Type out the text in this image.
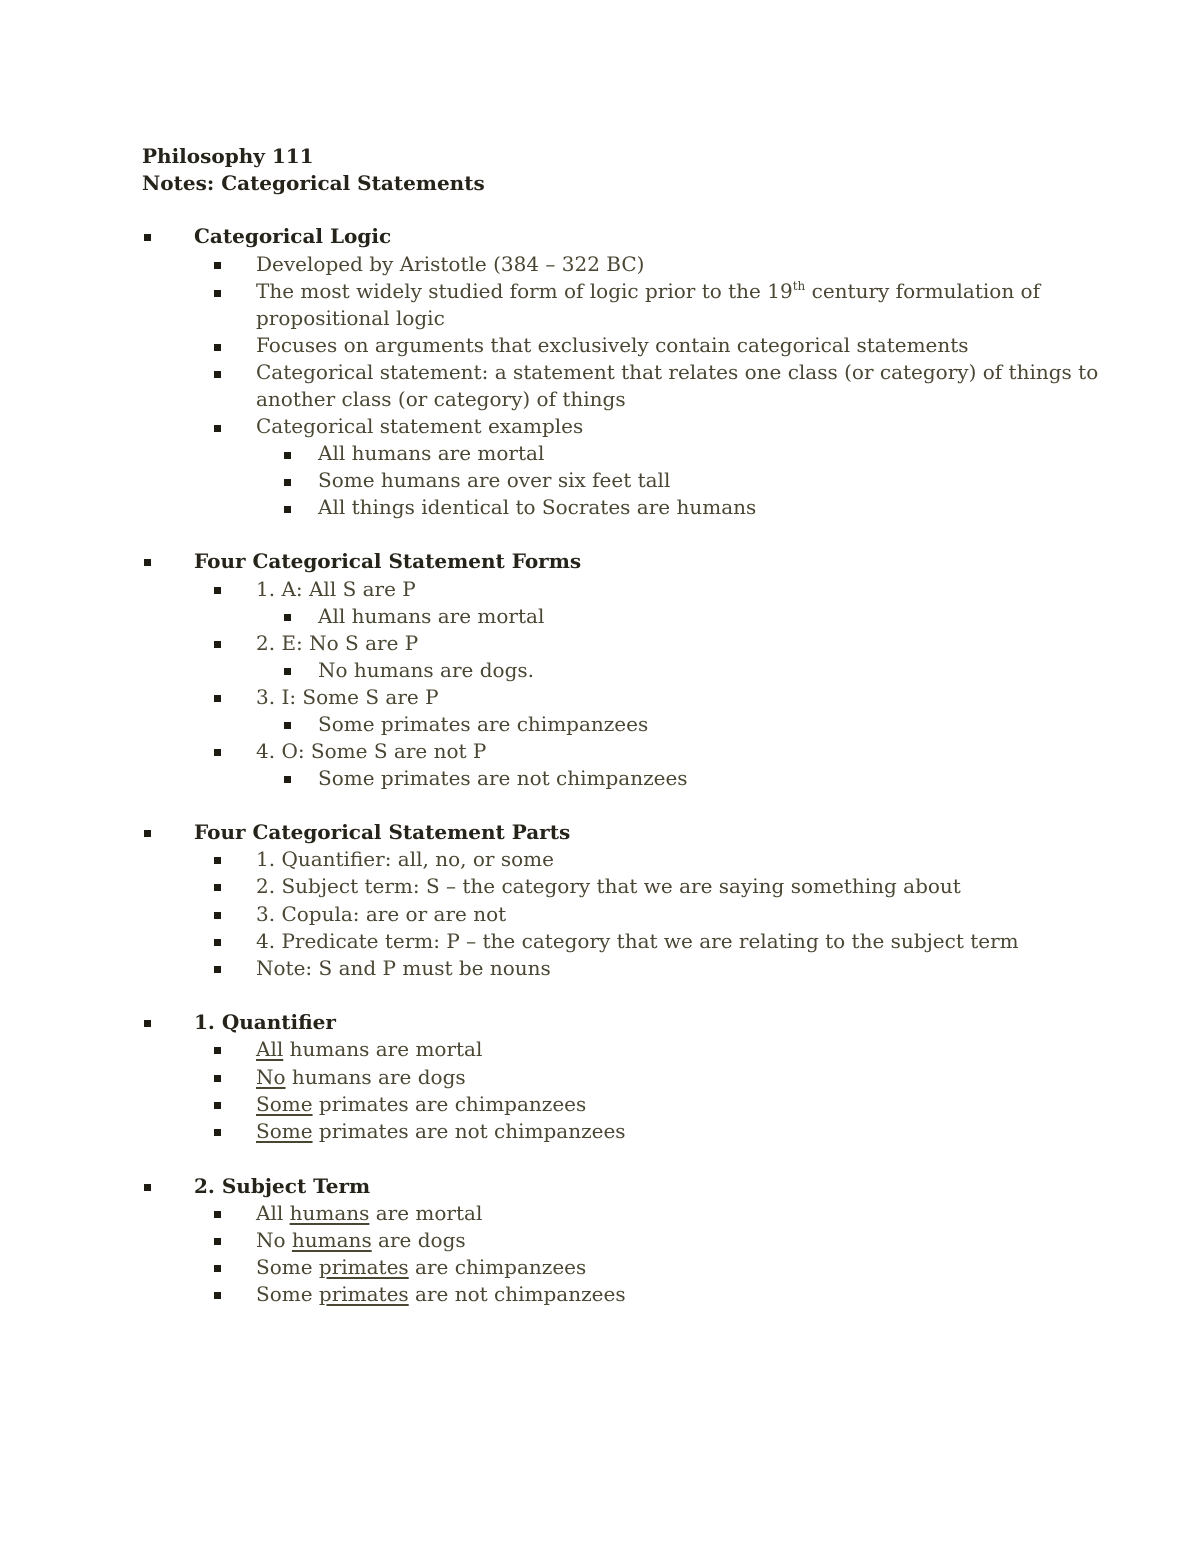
Philosophy 111
Notes: Categorical Statements
Categorical Logic
Developed by Aristotle (384 – 322 BC)
The most widely studied form of logic prior to the 19th century formulation of
propositional logic
Focuses on arguments that exclusively contain categorical statements
Categorical statement: a statement that relates one class (or category) of things to
another class (or category) of things
Categorical statement examples
All humans are mortal
Some humans are over six feet tall
All things identical to Socrates are humans
Four Categorical Statement Forms
1. A: All S are P
All humans are mortal
2. E: No S are P
No humans are dogs.
3. I: Some S are P
Some primates are chimpanzees
4. O: Some S are not P
Some primates are not chimpanzees
Four Categorical Statement Parts
1. Quantifier: all, no, or some
2. Subject term: S – the category that we are saying something about
3. Copula: are or are not
4. Predicate term: P – the category that we are relating to the subject term
Note: S and P must be nouns
1. Quantifier
All humans are mortal
No humans are dogs
Some primates are chimpanzees
Some primates are not chimpanzees
2. Subject Term
All humans are mortal
No humans are dogs
Some primates are chimpanzees
Some primates are not chimpanzees
